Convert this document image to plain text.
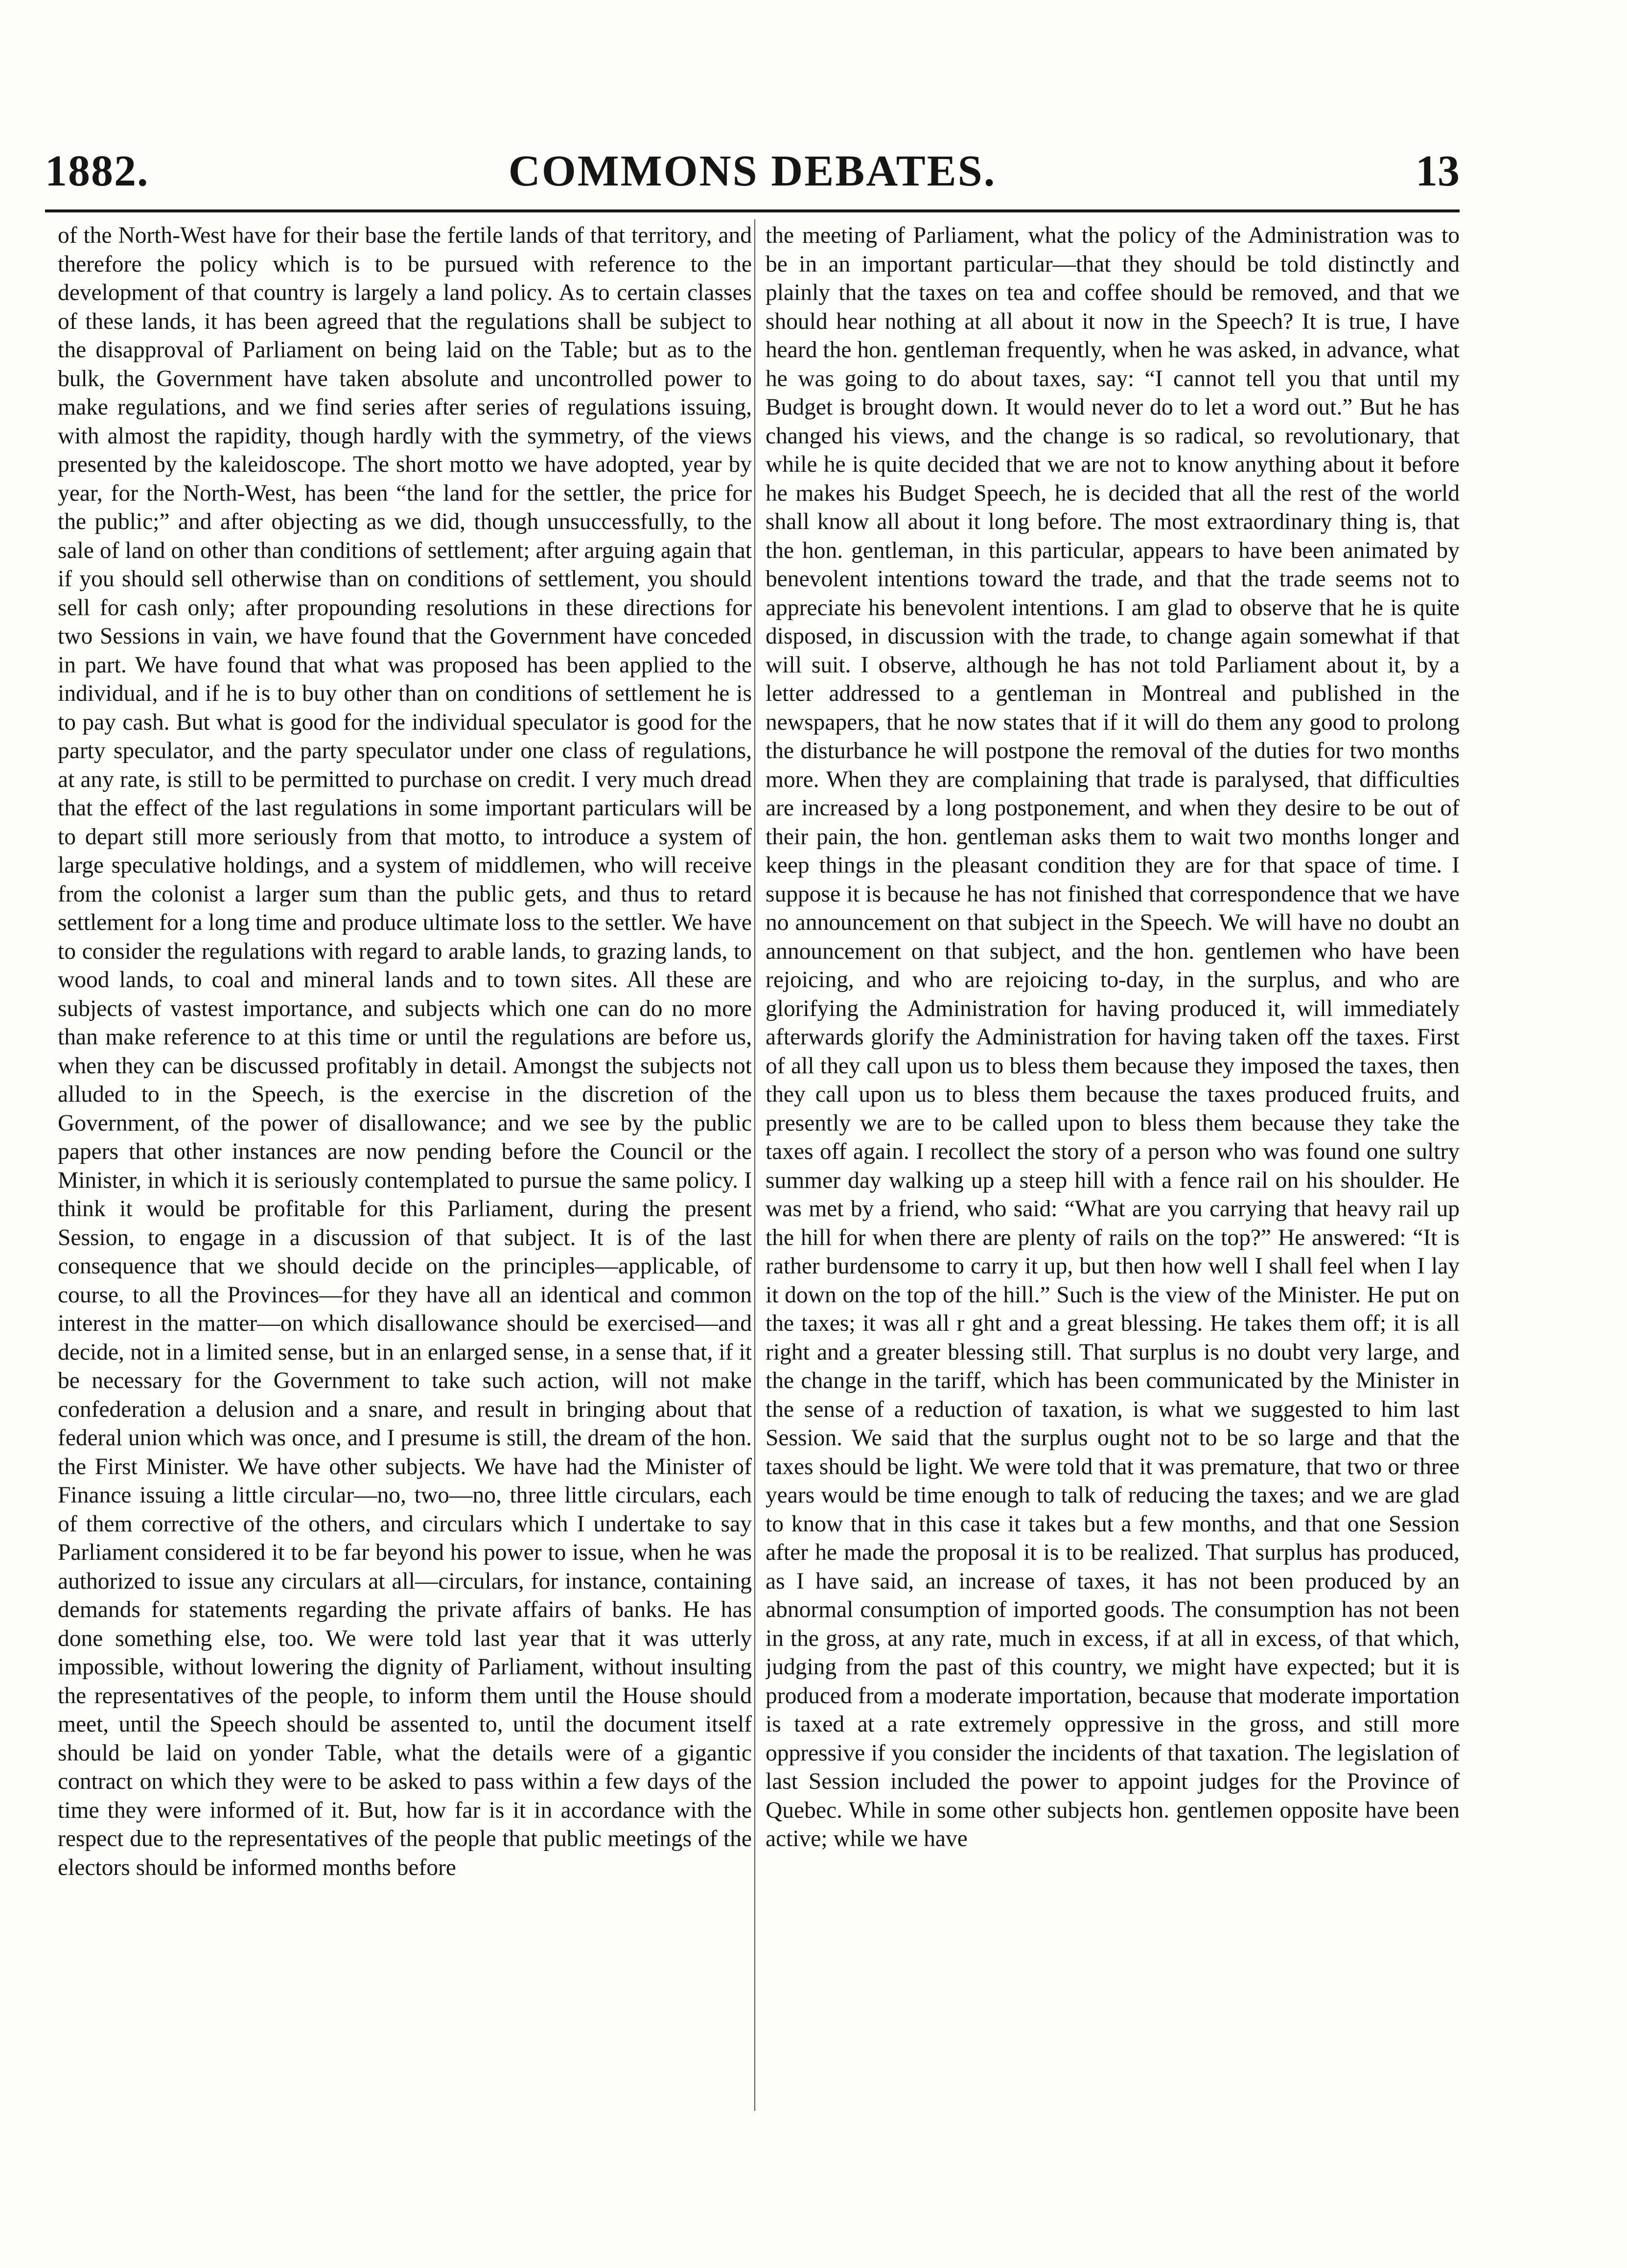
1882.	COMMONS DEBATES.	13
of the North-West have for their base the fertile lands of that territory, and therefore the policy which is to be pursued with reference to the development of that country is largely a land policy. As to certain classes of these lands, it has been agreed that the regulations shall be subject to the disapproval of Parliament on being laid on the Table; but as to the bulk, the Government have taken absolute and uncontrolled power to make regulations, and we find series after series of regulations issuing, with almost the rapidity, though hardly with the symmetry, of the views presented by the kaleidoscope. The short motto we have adopted, year by year, for the North-West, has been “the land for the settler, the price for the public;” and after objecting as we did, though unsuccessfully, to the sale of land on other than conditions of settlement; after arguing again that if you should sell otherwise than on conditions of settlement, you should sell for cash only; after propounding resolutions in these directions for two Sessions in vain, we have found that the Government have conceded in part. We have found that what was proposed has been applied to the individual, and if he is to buy other than on conditions of settlement he is to pay cash. But what is good for the individual speculator is good for the party speculator, and the party speculator under one class of regulations, at any rate, is still to be permitted to purchase on credit. I very much dread that the effect of the last regulations in some important particulars will be to depart still more seriously from that motto, to introduce a system of large speculative holdings, and a system of middlemen, who will receive from the colonist a larger sum than the public gets, and thus to retard settlement for a long time and produce ultimate loss to the settler. We have to consider the regulations with regard to arable lands, to grazing lands, to wood lands, to coal and mineral lands and to town sites. All these are subjects of vastest importance, and subjects which one can do no more than make reference to at this time or until the regulations are before us, when they can be discussed profitably in detail. Amongst the subjects not alluded to in the Speech, is the exercise in the discretion of the Government, of the power of disallowance; and we see by the public papers that other instances are now pending before the Council or the Minister, in which it is seriously contemplated to pursue the same policy. I think it would be profitable for this Parliament, during the present Session, to engage in a discussion of that subject. It is of the last consequence that we should decide on the principles—applicable, of course, to all the Provinces—for they have all an identical and common interest in the matter—on which disallowance should be exercised—and decide, not in a limited sense, but in an enlarged sense, in a sense that, if it be necessary for the Government to take such action, will not make confederation a delusion and a snare, and result in bringing about that federal union which was once, and I presume is still, the dream of the hon. the First Minister. We have other subjects. We have had the Minister of Finance issuing a little circular—no, two—no, three little circulars, each of them corrective of the others, and circulars which I undertake to say Parliament considered it to be far beyond his power to issue, when he was authorized to issue any circulars at all—circulars, for instance, containing demands for statements regarding the private affairs of banks. He has done something else, too. We were told last year that it was utterly impossible, without lowering the dignity of Parliament, without insulting the representatives of the people, to inform them until the House should meet, until the Speech should be assented to, until the document itself should be laid on yonder Table, what the details were of a gigantic contract on which they were to be asked to pass within a few days of the time they were informed of it. But, how far is it in accordance with the respect due to the representatives of the people that public meetings of the electors should be informed months before
the meeting of Parliament, what the policy of the Administration was to be in an important particular—that they should be told distinctly and plainly that the taxes on tea and coffee should be removed, and that we should hear nothing at all about it now in the Speech? It is true, I have heard the hon. gentleman frequently, when he was asked, in advance, what he was going to do about taxes, say: “I cannot tell you that until my Budget is brought down. It would never do to let a word out.” But he has changed his views, and the change is so radical, so revolutionary, that while he is quite decided that we are not to know anything about it before he makes his Budget Speech, he is decided that all the rest of the world shall know all about it long before. The most extraordinary thing is, that the hon. gentleman, in this particular, appears to have been animated by benevolent intentions toward the trade, and that the trade seems not to appreciate his benevolent intentions. I am glad to observe that he is quite disposed, in discussion with the trade, to change again somewhat if that will suit. I observe, although he has not told Parliament about it, by a letter addressed to a gentleman in Montreal and published in the newspapers, that he now states that if it will do them any good to prolong the disturbance he will postpone the removal of the duties for two months more. When they are complaining that trade is paralysed, that difficulties are increased by a long postponement, and when they desire to be out of their pain, the hon. gentleman asks them to wait two months longer and keep things in the pleasant condition they are for that space of time. I suppose it is because he has not finished that correspondence that we have no announcement on that subject in the Speech. We will have no doubt an announcement on that subject, and the hon. gentlemen who have been rejoicing, and who are rejoicing to-day, in the surplus, and who are glorifying the Administration for having produced it, will immediately afterwards glorify the Administration for having taken off the taxes. First of all they call upon us to bless them because they imposed the taxes, then they call upon us to bless them because the taxes produced fruits, and presently we are to be called upon to bless them because they take the taxes off again. I recollect the story of a person who was found one sultry summer day walking up a steep hill with a fence rail on his shoulder. He was met by a friend, who said: “What are you carrying that heavy rail up the hill for when there are plenty of rails on the top?” He answered: “It is rather burdensome to carry it up, but then how well I shall feel when I lay it down on the top of the hill.” Such is the view of the Minister. He put on the taxes; it was all r ght and a great blessing. He takes them off; it is all right and a greater blessing still. That surplus is no doubt very large, and the change in the tariff, which has been communicated by the Minister in the sense of a reduction of taxation, is what we suggested to him last Session. We said that the surplus ought not to be so large and that the taxes should be light. We were told that it was premature, that two or three years would be time enough to talk of reducing the taxes; and we are glad to know that in this case it takes but a few months, and that one Session after he made the proposal it is to be realized. That surplus has produced, as I have said, an increase of taxes, it has not been produced by an abnormal consumption of imported goods. The consumption has not been in the gross, at any rate, much in excess, if at all in excess, of that which, judging from the past of this country, we might have expected; but it is produced from a moderate importation, because that moderate importation is taxed at a rate extremely oppressive in the gross, and still more oppressive if you consider the incidents of that taxation. The legislation of last Session included the power to appoint judges for the Province of Quebec. While in some other subjects hon. gentlemen opposite have been active; while we have
